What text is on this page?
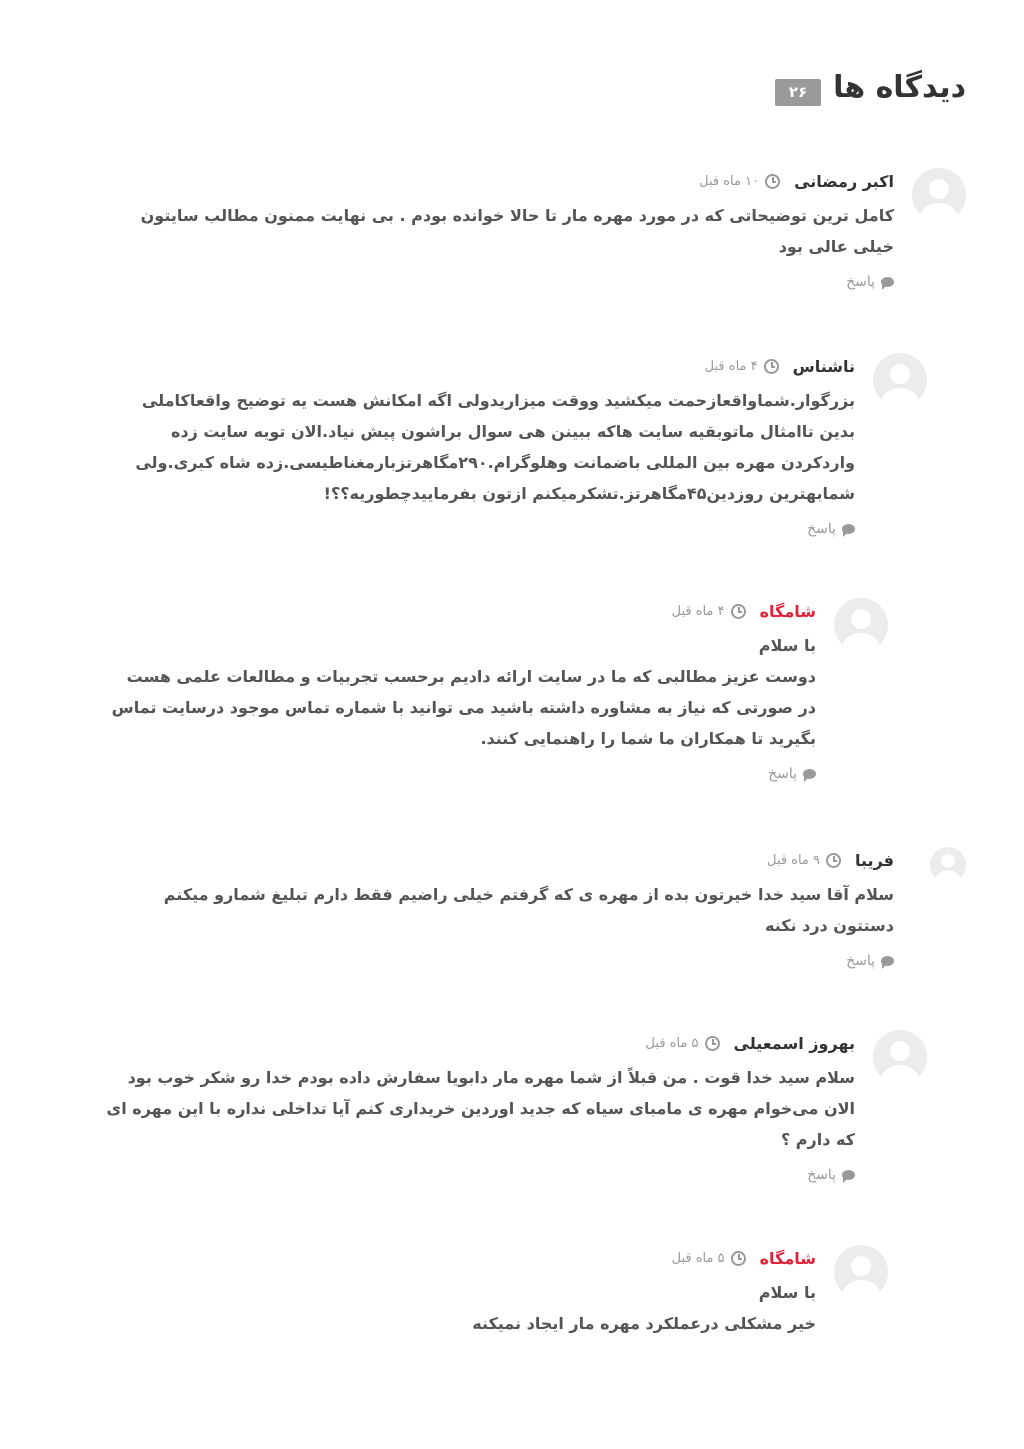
دیدگاه ها
۲۶
اکبر رمضانی
۱۰ ماه قبل

کامل ترین توضیحاتی که در مورد مهره مار تا حالا خوانده بودم . بی نهایت ممنون مطالب سایتون

خیلی عالی بود

پاسخ
ناشناس
۴ ماه قبل

بزرگوار.شماواقعازحمت میکشید ووقت میزاریدولی اگه امکانش هست یه توضیح واقعاکاملی

بدین تاامثال ماتوبقیه سایت هاکه ببینن هی سوال براشون پیش نیاد.الان تویه سایت زده

واردکردن مهره بین المللی باضمانت وهلوگرام.۲۹۰مگاهرتزبارمغناطیسی.زده شاه کبری.ولی

شمابهترین روزدین۴۵مگاهرتز.تشکرمیکنم ازتون بفرماییدچطوریه؟؟!

پاسخ
شامگاه
۴ ماه قبل

با سلام

دوست عزیز مطالبی که ما در سایت ارائه دادیم برحسب تجربیات و مطالعات علمی هست

در صورتی که نیاز به مشاوره داشته باشید می توانید با شماره تماس موجود درسایت تماس

بگیرید تا همکاران ما شما را راهنمایی کنند.

پاسخ
فریبا
۹ ماه قبل

سلام آقا سید خدا خیرتون بده از مهره ی که گرفتم خیلی راضیم فقط دارم تبلیغ شمارو میکنم

دستتون درد نکنه

پاسخ
بهروز اسمعیلی
۵ ماه قبل

سلام سید خدا قوت . من قبلاً از شما مهره مار دابویا سفارش داده بودم خدا رو شکر خوب بود

الان می‌خوام مهره ی مامبای سیاه که جدید اوردین خریداری کنم آیا تداخلی نداره با این مهره ای

که دارم ؟

پاسخ
شامگاه
۵ ماه قبل

با سلام

خیر مشکلی درعملکرد مهره مار ایجاد نمیکنه
